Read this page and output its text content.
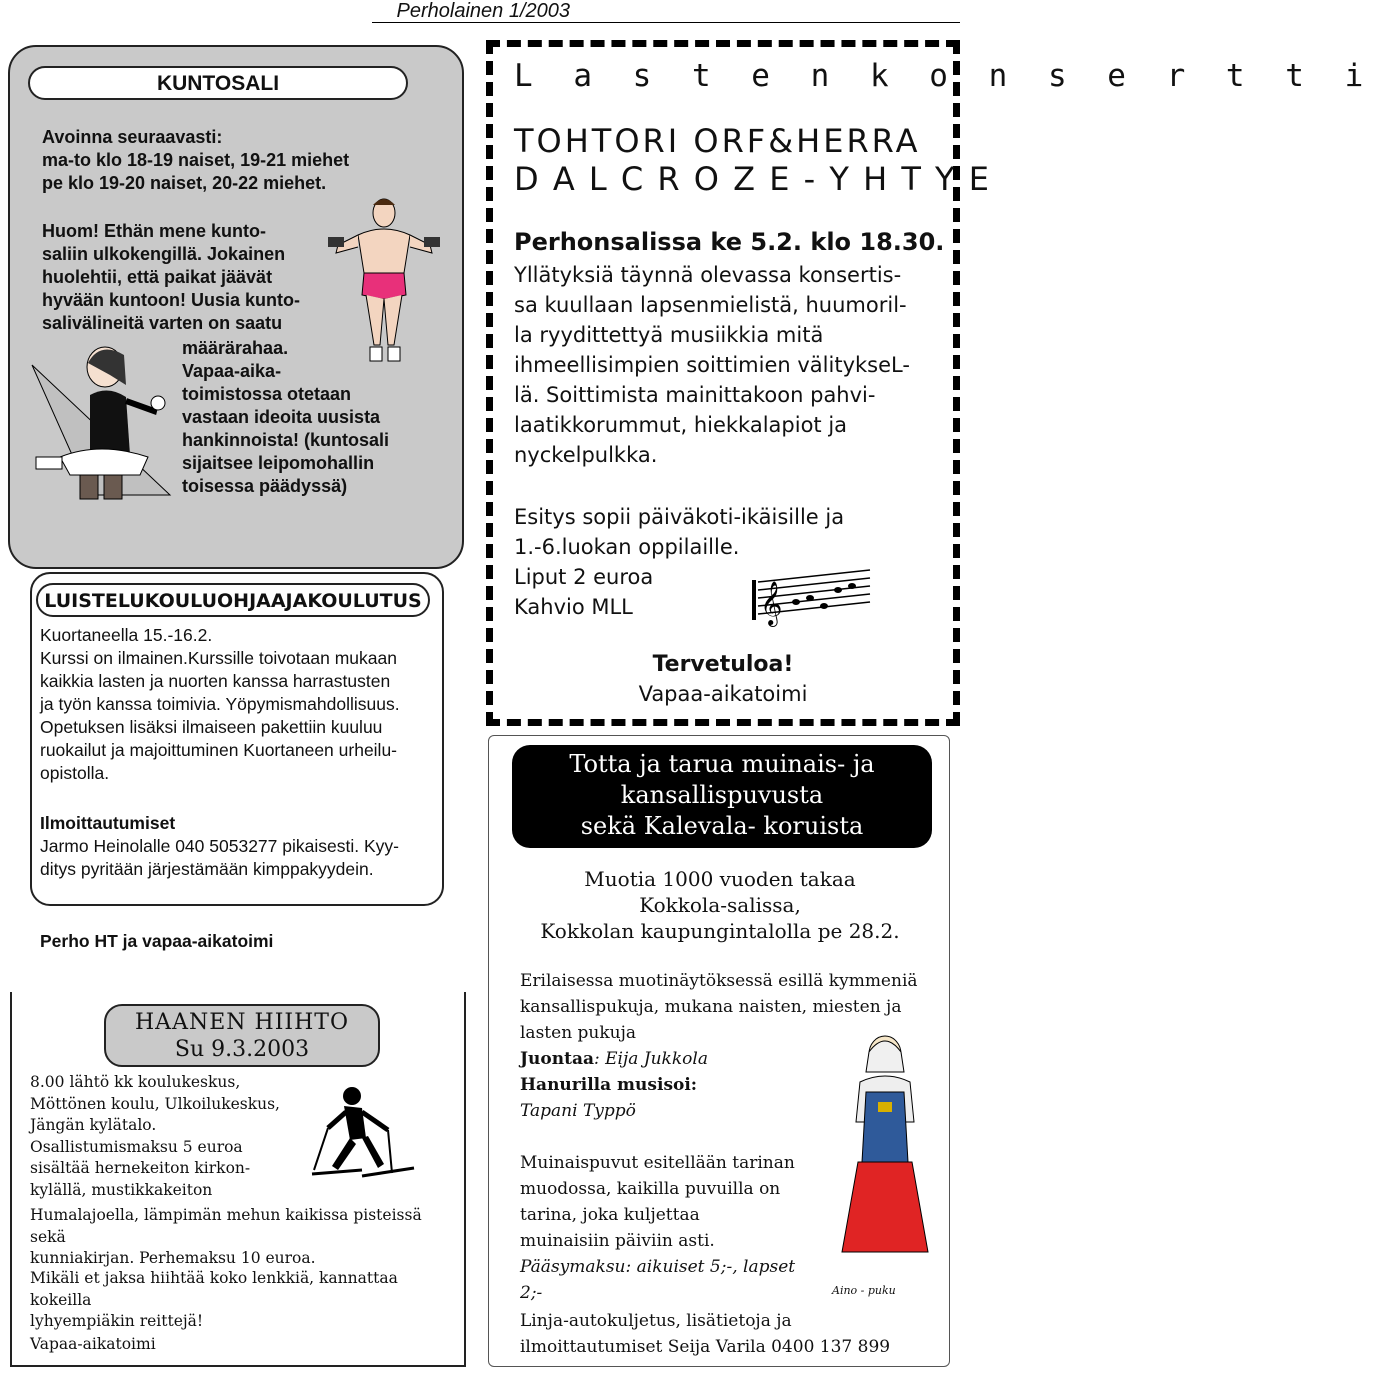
Perholainen 1/2003
KUNTOSALI
Avoinna seuraavasti:
ma-to klo 18-19 naiset, 19-21 miehet
pe klo 19-20 naiset, 20-22 miehet.
Huom! Ethän mene kunto-
saliin ulkokengillä. Jokainen
huolehtii, että paikat jäävät
hyvään kuntoon! Uusia kunto-
salivälineitä varten on saatu
määrärahaa.
Vapaa-aika-
toimistossa otetaan
vastaan ideoita uusista
hankinnoista! (kuntosali
sijaitsee leipomohallin
toisessa päädyssä)
LUISTELUKOULUOHJAAJAKOULUTUS
Kuortaneella 15.-16.2.
Kurssi on ilmainen.Kurssille toivotaan mukaan
kaikkia lasten ja nuorten kanssa harrastusten
ja työn kanssa toimivia. Yöpymismahdollisuus.
Opetuksen lisäksi ilmaiseen pakettiin kuuluu
ruokailut ja majoittuminen Kuortaneen urheilu-
opistolla.
Ilmoittautumiset
Jarmo Heinolalle 040 5053277 pikaisesti. Kyy-
ditys pyritään järjestämään kimppakyydein.
Perho HT ja vapaa-aikatoimi
L a s t e n k o n s e r t t i
TOHTORI ORF&HERRA
D A L C R O Z E - Y H T Y E
Perhonsalissa ke 5.2. klo 18.30.
Yllätyksiä täynnä olevassa konsertis-
sa kuullaan lapsenmielistä, huumoril-
la ryydittettyä musiikkia mitä
ihmeellisimpien soittimien välitykseL-
lä. Soittimista mainittakoon pahvi-
laatikkorummut, hiekkalapiot ja
nyckelpulkka.
Esitys sopii päiväkoti-ikäisille ja
1.-6.luokan oppilaille.
Liput 2 euroa
Kahvio MLL	𝄞
Tervetuloa!
Vapaa-aikatoimi
Totta ja tarua muinais- ja
kansallispuvusta
sekä Kalevala- koruista
Muotia 1000 vuoden takaa
Kokkola-salissa,
Kokkolan kaupungintalolla pe 28.2.
Erilaisessa muotinäytöksessä esillä kymmeniä
kansallispukuja, mukana naisten, miesten ja
lasten pukuja
Juontaa: Eija Jukkola
Hanurilla musisoi:
Tapani Typpö
Muinaispuvut esitellään tarinan
muodossa, kaikilla puvuilla on
tarina, joka kuljettaa
muinaisiin päiviin asti.
Pääsymaksu: aikuiset 5;-, lapset
2;-
Linja-autokuljetus, lisätietoja ja
ilmoittautumiset Seija Varila 0400 137 899
Aino - puku
HAANEN HIIHTO
Su 9.3.2003
8.00 lähtö kk koulukeskus,
Möttönen koulu, Ulkoilukeskus,
Jängän kylätalo.
Osallistumismaksu 5 euroa
sisältää hernekeiton kirkon-
kylällä, mustikkakeiton
Humalajoella, lämpimän mehun kaikissa pisteissä sekä
kunniakirjan. Perhemaksu 10 euroa.
Mikäli et jaksa hiihtää koko lenkkiä, kannattaa kokeilla
lyhyempiäkin reittejä!
Vapaa-aikatoimi
